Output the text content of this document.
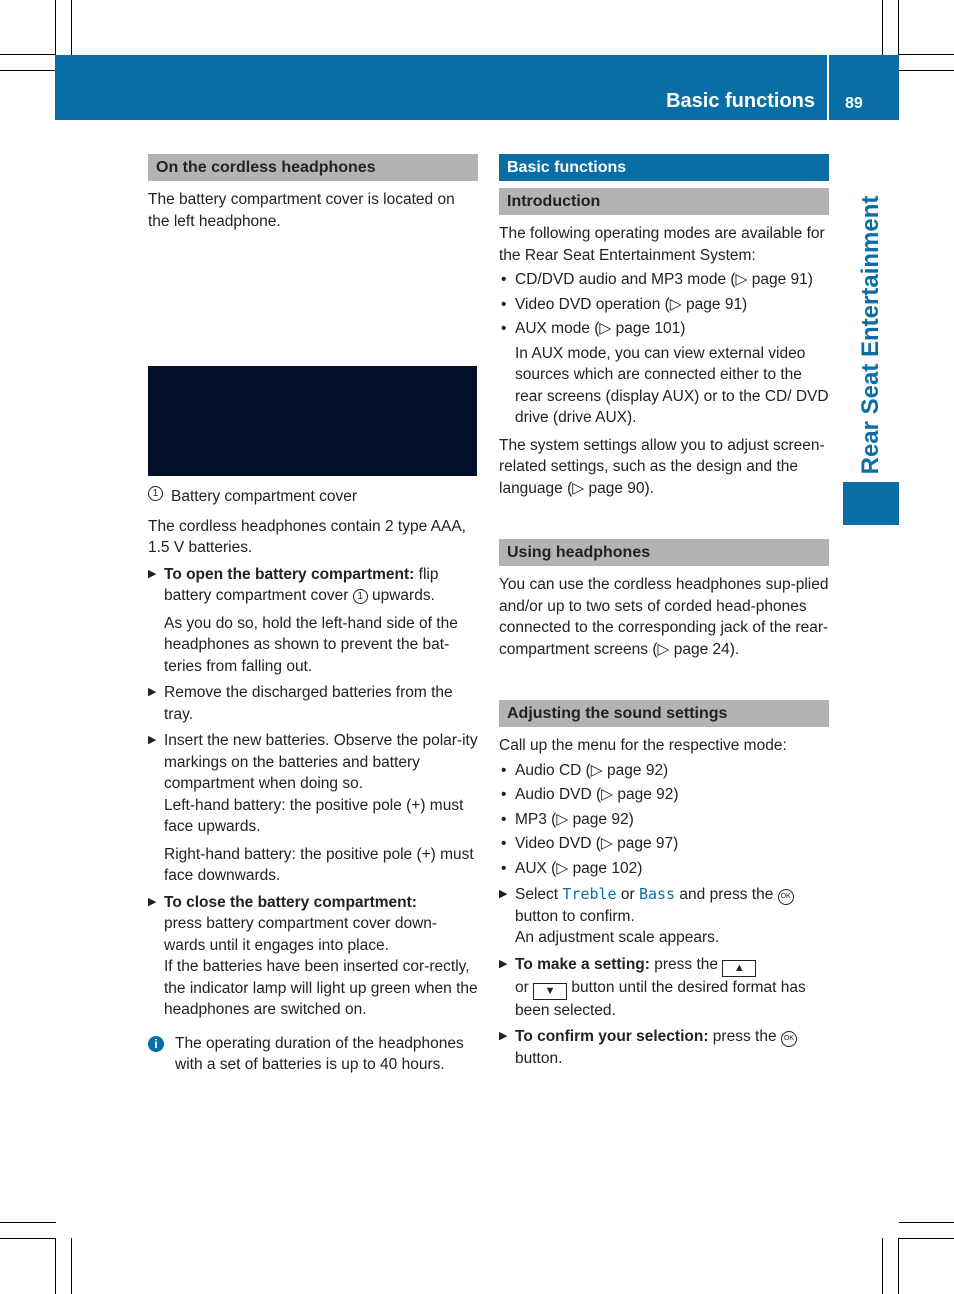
Basic functions 89
Rear Seat Entertainment
On the cordless headphones

The battery compartment cover is located on the left headphone.

1 Battery compartment cover

The cordless headphones contain 2 type AAA, 1.5 V batteries.

▶ To open the battery compartment: flip battery compartment cover 1 upwards.

As you do so, hold the left-hand side of the headphones as shown to prevent the bat-teries from falling out.

▶ Remove the discharged batteries from the tray.
▶ Insert the new batteries. Observe the polar-ity markings on the batteries and battery compartment when doing so.

Left-hand battery: the positive pole (+) must face upwards.

Right-hand battery: the positive pole (+) must face downwards.

▶ To close the battery compartment:
press battery compartment cover down-wards until it engages into place.

If the batteries have been inserted cor-rectly, the indicator lamp will light up green when the headphones are switched on.

i	The operating duration of the headphones with a set of batteries is up to 40 hours.
Basic functions
Introduction

The following operating modes are available for the Rear Seat Entertainment System:

• CD/DVD audio and MP3 mode (▷ page 91)
• Video DVD operation (▷ page 91)
• AUX mode (▷ page 101)

In AUX mode, you can view external video sources which are connected either to the rear screens (display AUX) or to the CD/ DVD drive (drive AUX).

The system settings allow you to adjust screen-related settings, such as the design and the language (▷ page 90).

Using headphones

You can use the cordless headphones sup-plied and/or up to two sets of corded head-phones connected to the corresponding jack of the rear-compartment screens (▷ page 24).

Adjusting the sound settings

Call up the menu for the respective mode:

• Audio CD (▷ page 92)
• Audio DVD (▷ page 92)
• MP3 (▷ page 92)
• Video DVD (▷ page 97)
• AUX (▷ page 102)
▶ Select Treble or Bass and press the OK button to confirm.

An adjustment scale appears.

▶ To make a setting: press the ▲
or ▼ button until the desired format has been selected.
▶ To confirm your selection: press the OK
button.
